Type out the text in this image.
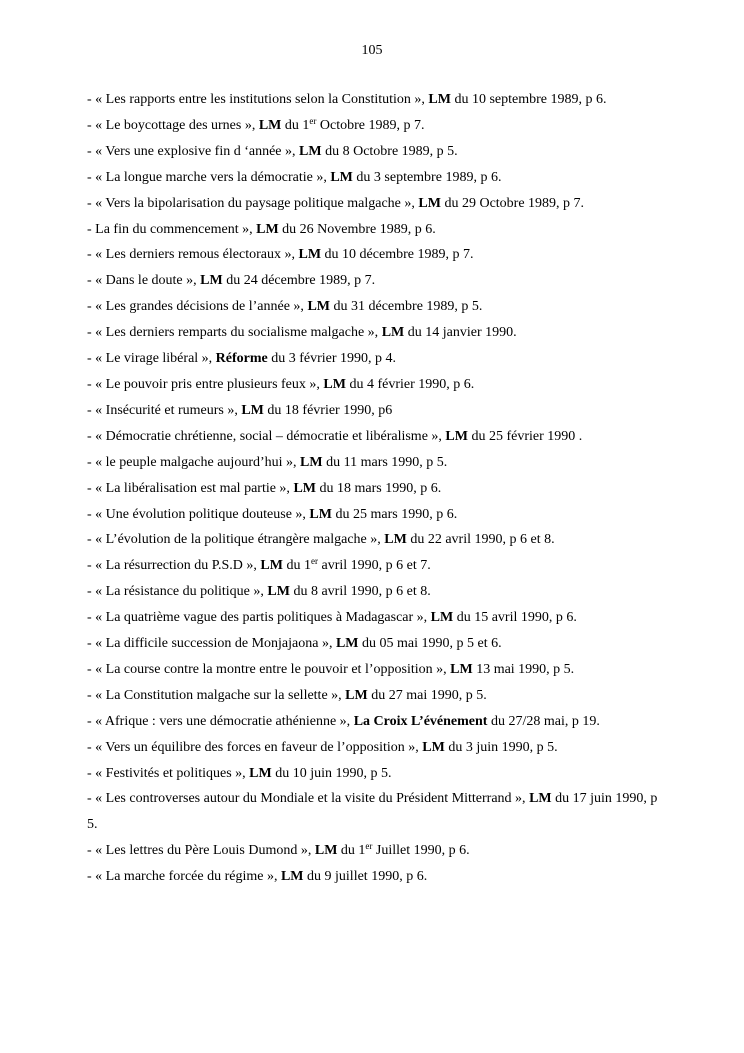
105
- « Les rapports entre les institutions selon la Constitution », LM du 10 septembre 1989, p 6.
- « Le boycottage des urnes », LM du 1er Octobre 1989, p 7.
- « Vers une explosive fin d ‘année », LM du 8 Octobre 1989, p 5.
- « La longue marche vers la démocratie », LM du 3 septembre 1989, p 6.
- « Vers la bipolarisation du paysage politique malgache », LM du 29 Octobre 1989, p 7.
- La fin du commencement », LM du 26 Novembre 1989, p 6.
- « Les derniers remous électoraux », LM du 10 décembre 1989, p 7.
- « Dans le doute », LM du 24 décembre 1989, p 7.
- « Les grandes décisions de l’année », LM du 31 décembre 1989, p 5.
- « Les derniers remparts du socialisme malgache », LM du 14 janvier 1990.
- « Le virage libéral », Réforme du 3 février 1990, p 4.
- « Le pouvoir pris entre plusieurs feux », LM du 4 février 1990, p 6.
- « Insécurité et rumeurs », LM du 18 février 1990, p6
- « Démocratie chrétienne, social – démocratie et libéralisme », LM du 25 février 1990 .
- « le peuple malgache aujourd’hui », LM du 11 mars 1990, p 5.
- « La libéralisation est mal partie », LM du 18 mars 1990, p 6.
- « Une évolution politique douteuse », LM du 25 mars 1990, p 6.
- « L’évolution de la politique étrangère malgache », LM du 22 avril 1990, p 6 et 8.
- « La résurrection du P.S.D », LM du 1er avril 1990, p 6 et 7.
- « La résistance du politique », LM du 8 avril 1990, p 6 et 8.
- « La quatrième vague des partis politiques à Madagascar », LM du 15 avril 1990, p 6.
- « La difficile succession de Monjajaona », LM du 05 mai 1990, p 5 et 6.
- « La course contre la montre entre le pouvoir et l’opposition », LM 13 mai 1990, p 5.
- « La Constitution malgache sur la sellette », LM du 27 mai 1990, p 5.
- « Afrique : vers une démocratie athénienne », La Croix L’événement du 27/28 mai, p 19.
- « Vers un équilibre des forces en faveur de l’opposition », LM du 3 juin 1990, p 5.
- « Festivités et politiques », LM du 10 juin 1990, p 5.
- « Les controverses autour du Mondiale et la visite du Président Mitterrand », LM du 17 juin 1990, p 5.
- « Les lettres du Père Louis Dumond », LM du 1er Juillet 1990, p 6.
- « La marche forcée du régime », LM du 9 juillet 1990, p 6.
